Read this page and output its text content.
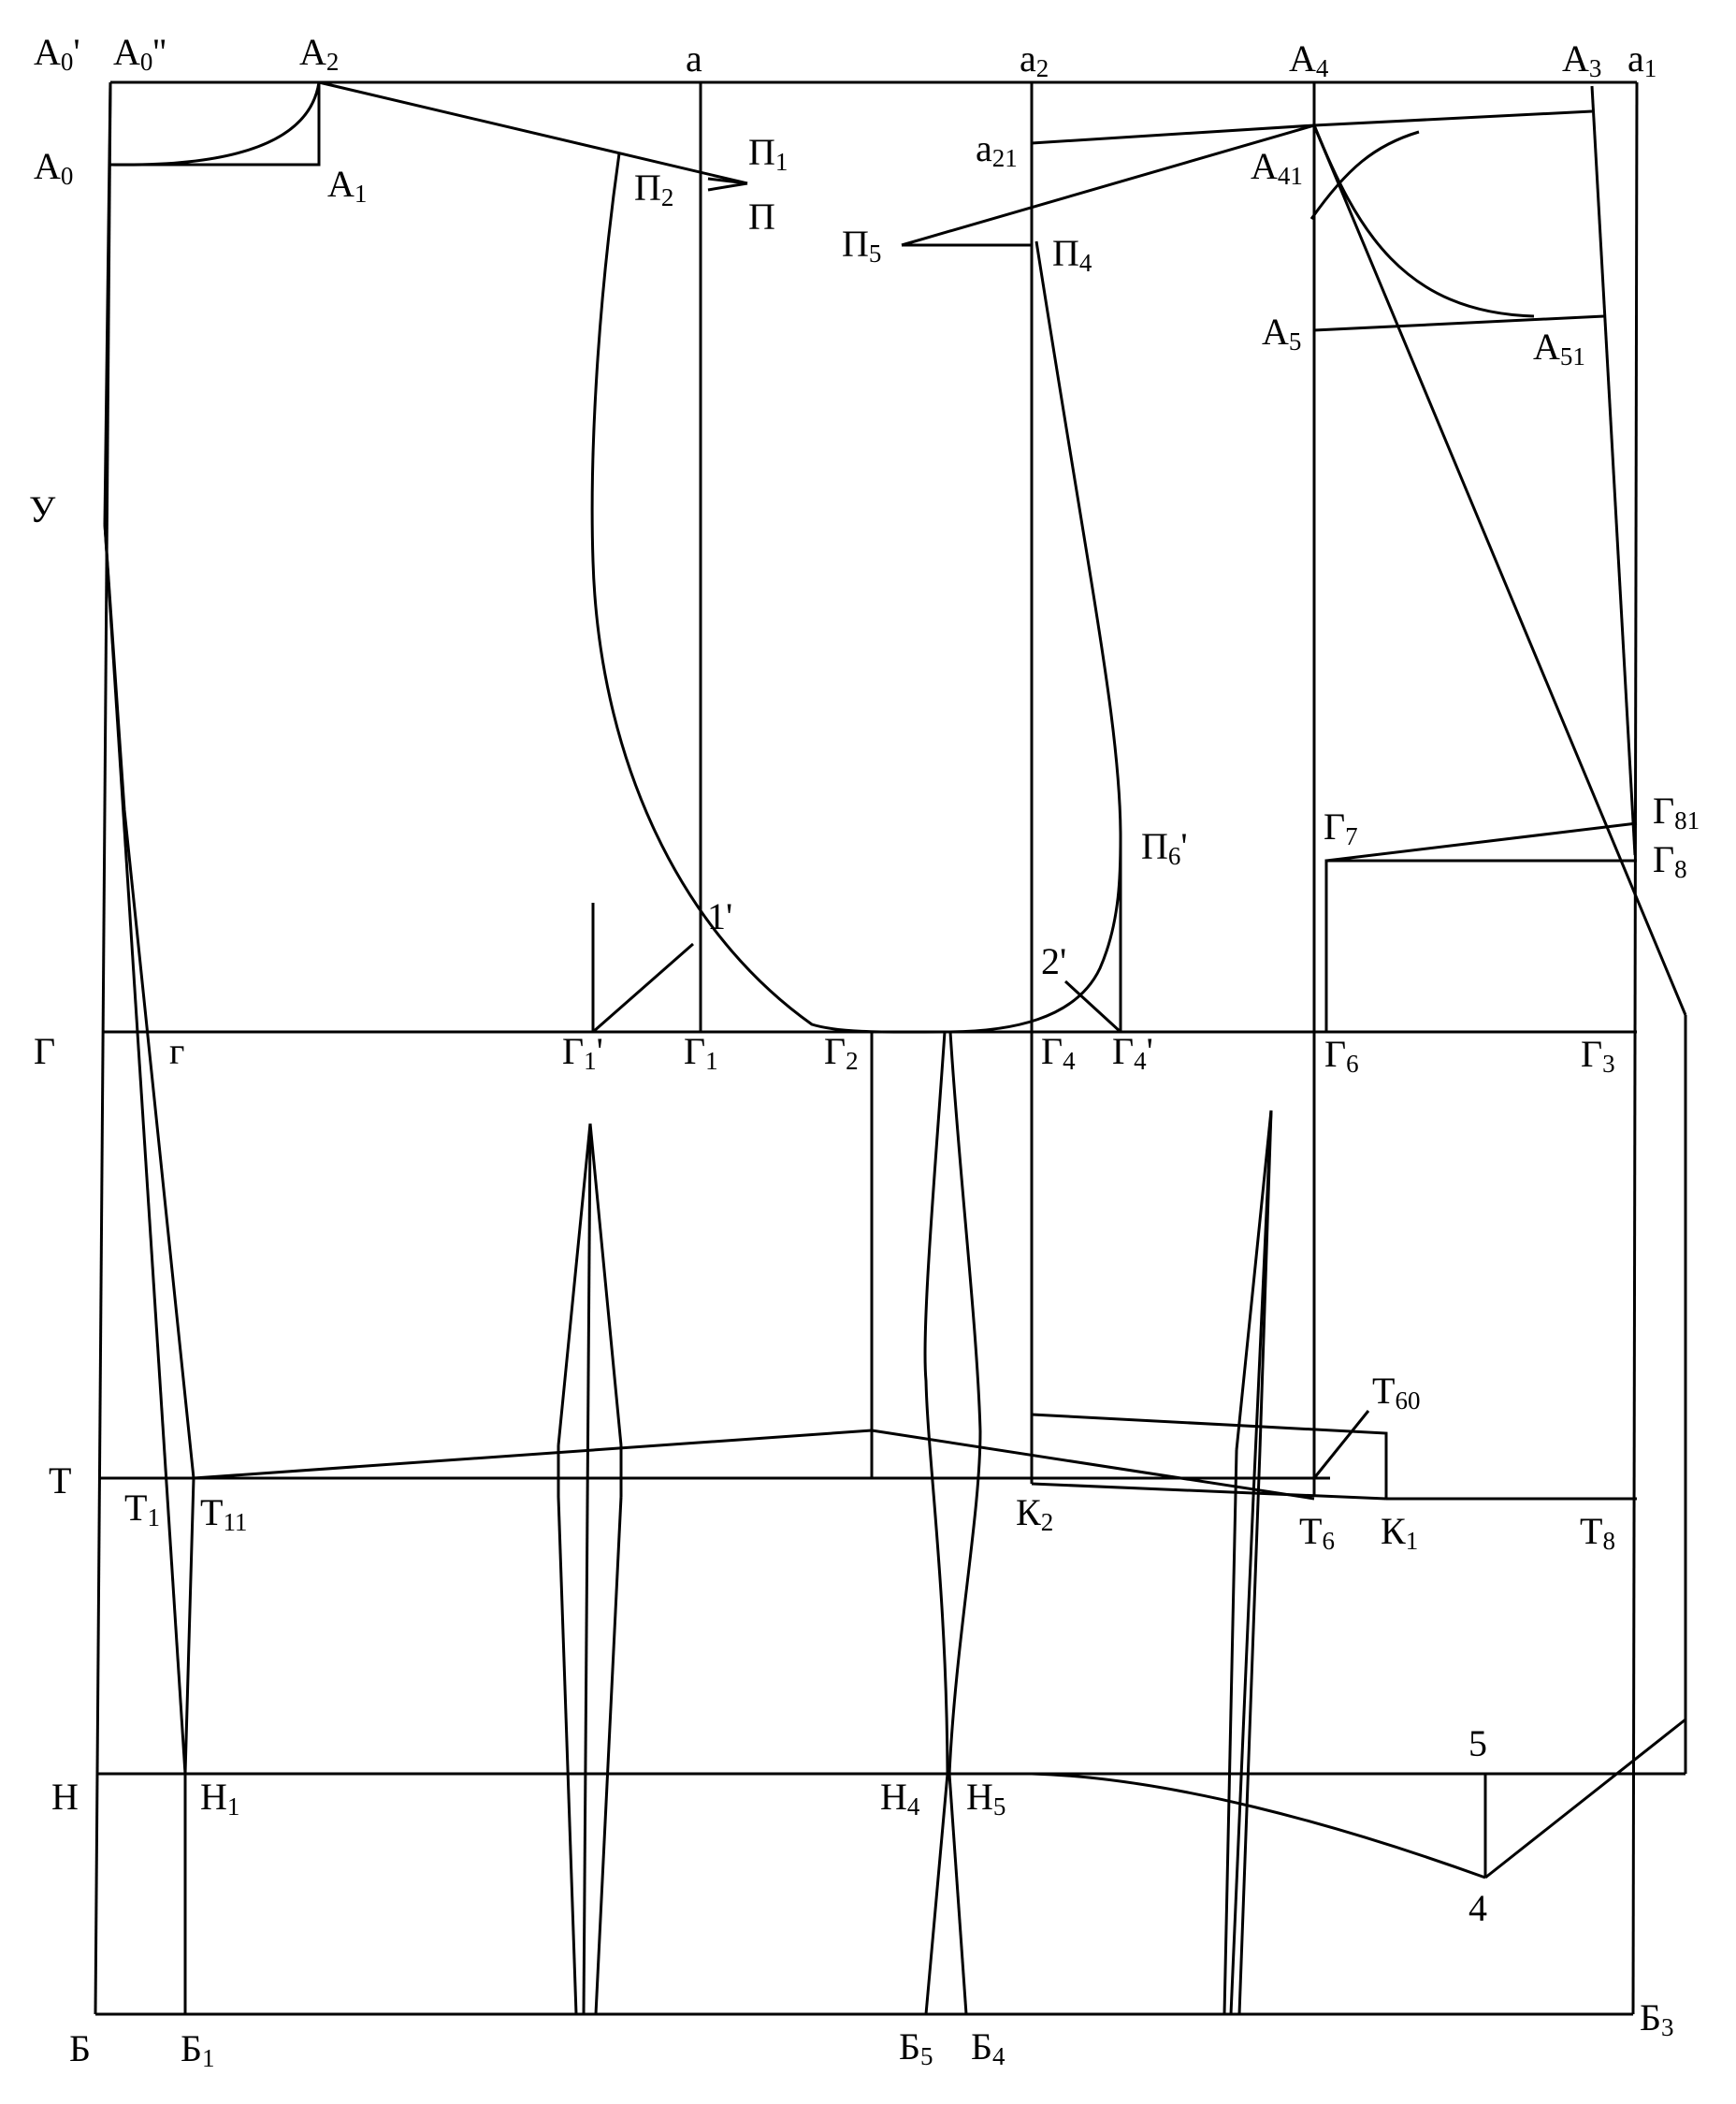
А0' А0''	А2	а	а2	А4	А3 а1
А0	А1
П1
П2 П
а21	А41
П5	П4
А5	А51
У
Г81
П6'	Г7
Г8
1'
2'
Г	г	Г1' Г1	Г2	Г4 Г4'	Г6	Г3
Т60
Т
Т1 Т11	К2	Т6 К1	Т8
5
Н	Н1	Н4 Н5
4
Б Б1	Б5 Б4
Б3
